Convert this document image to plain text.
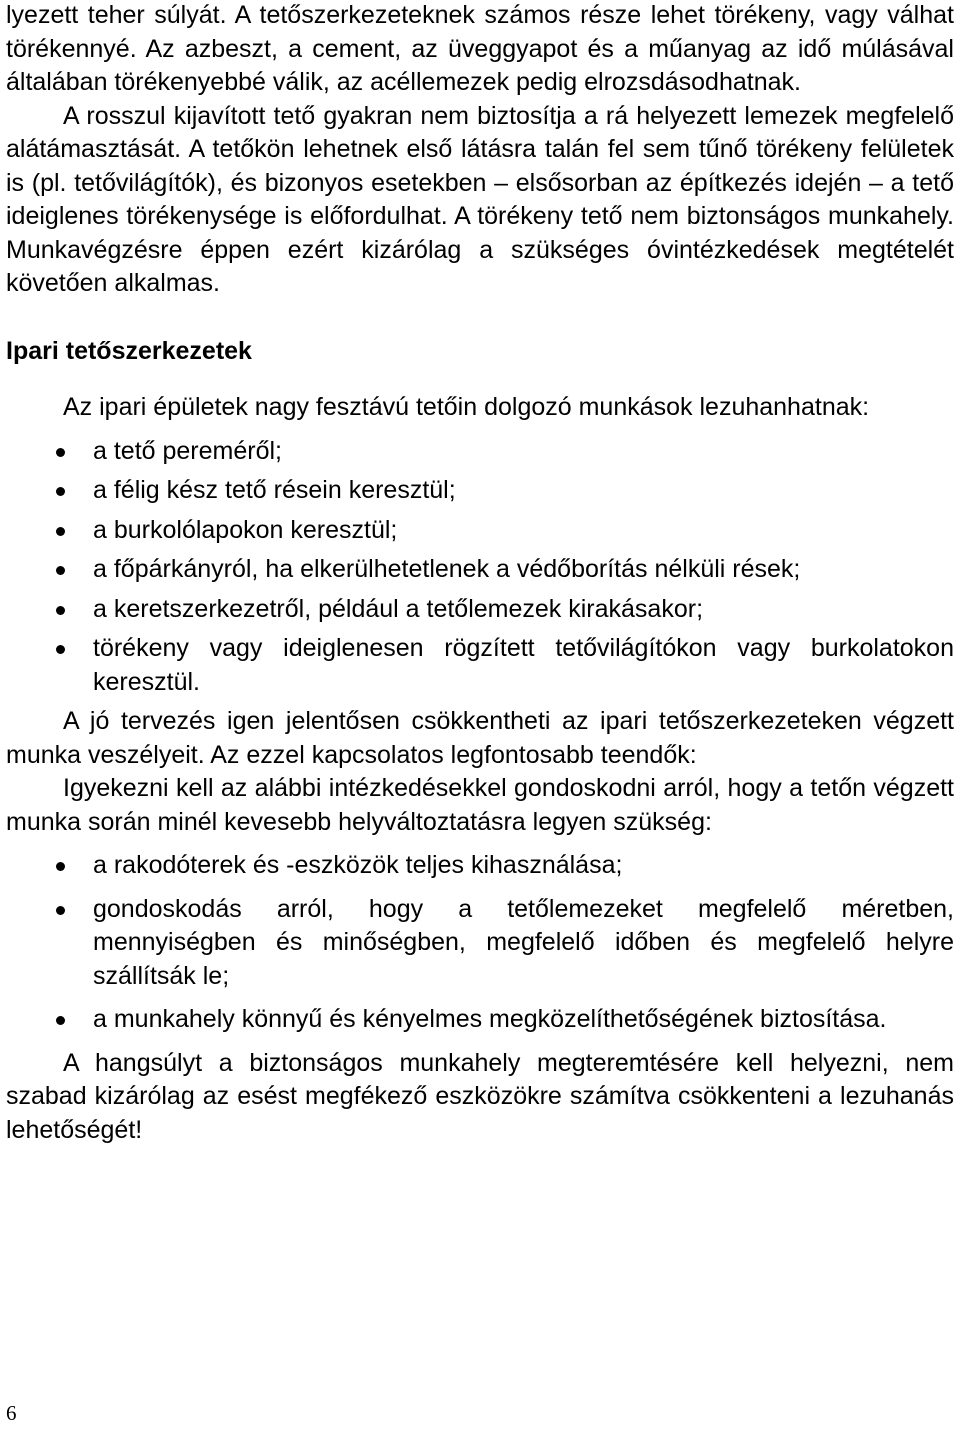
lyezett teher súlyát. A tetőszerkezeteknek számos része lehet törékeny, vagy válhat törékennyé. Az azbeszt, a cement, az üveggyapot és a műanyag az idő múlásával általában törékenyebbé válik, az acéllemezek pedig elrozsdásodhatnak.

A rosszul kijavított tető gyakran nem biztosítja a rá helyezett lemezek megfelelő alátámasztását. A tetőkön lehetnek első látásra talán fel sem tűnő törékeny felületek is (pl. tetővilágítók), és bizonyos esetekben – elsősorban az építkezés idején – a tető ideiglenes törékenysége is előfordulhat. A törékeny tető nem biztonságos munkahely. Munkavégzésre éppen ezért kizárólag a szükséges óvintézkedések megtételét követően alkalmas.

Ipari tetőszerkezetek

Az ipari épületek nagy fesztávú tetőin dolgozó munkások lezuhanhatnak:

a tető pereméről;
a félig kész tető résein keresztül;
a burkolólapokon keresztül;
a főpárkányról, ha elkerülhetetlenek a védőborítás nélküli rések;
a keretszerkezetről, például a tetőlemezek kirakásakor;
törékeny vagy ideiglenesen rögzített tetővilágítókon vagy burkolatokon keresztül.

A jó tervezés igen jelentősen csökkentheti az ipari tetőszerkezeteken végzett munka veszélyeit. Az ezzel kapcsolatos legfontosabb teendők:

Igyekezni kell az alábbi intézkedésekkel gondoskodni arról, hogy a tetőn végzett munka során minél kevesebb helyváltoztatásra legyen szükség:

a rakodóterek és -eszközök teljes kihasználása;
gondoskodás arról, hogy a tetőlemezeket megfelelő méretben, mennyiségben és minőségben, megfelelő időben és megfelelő helyre szállítsák le;
a munkahely könnyű és kényelmes megközelíthetőségének biztosítása.

A hangsúlyt a biztonságos munkahely megteremtésére kell helyezni, nem szabad kizárólag az esést megfékező eszközökre számítva csökkenteni a lezuhanás lehetőségét!

6
